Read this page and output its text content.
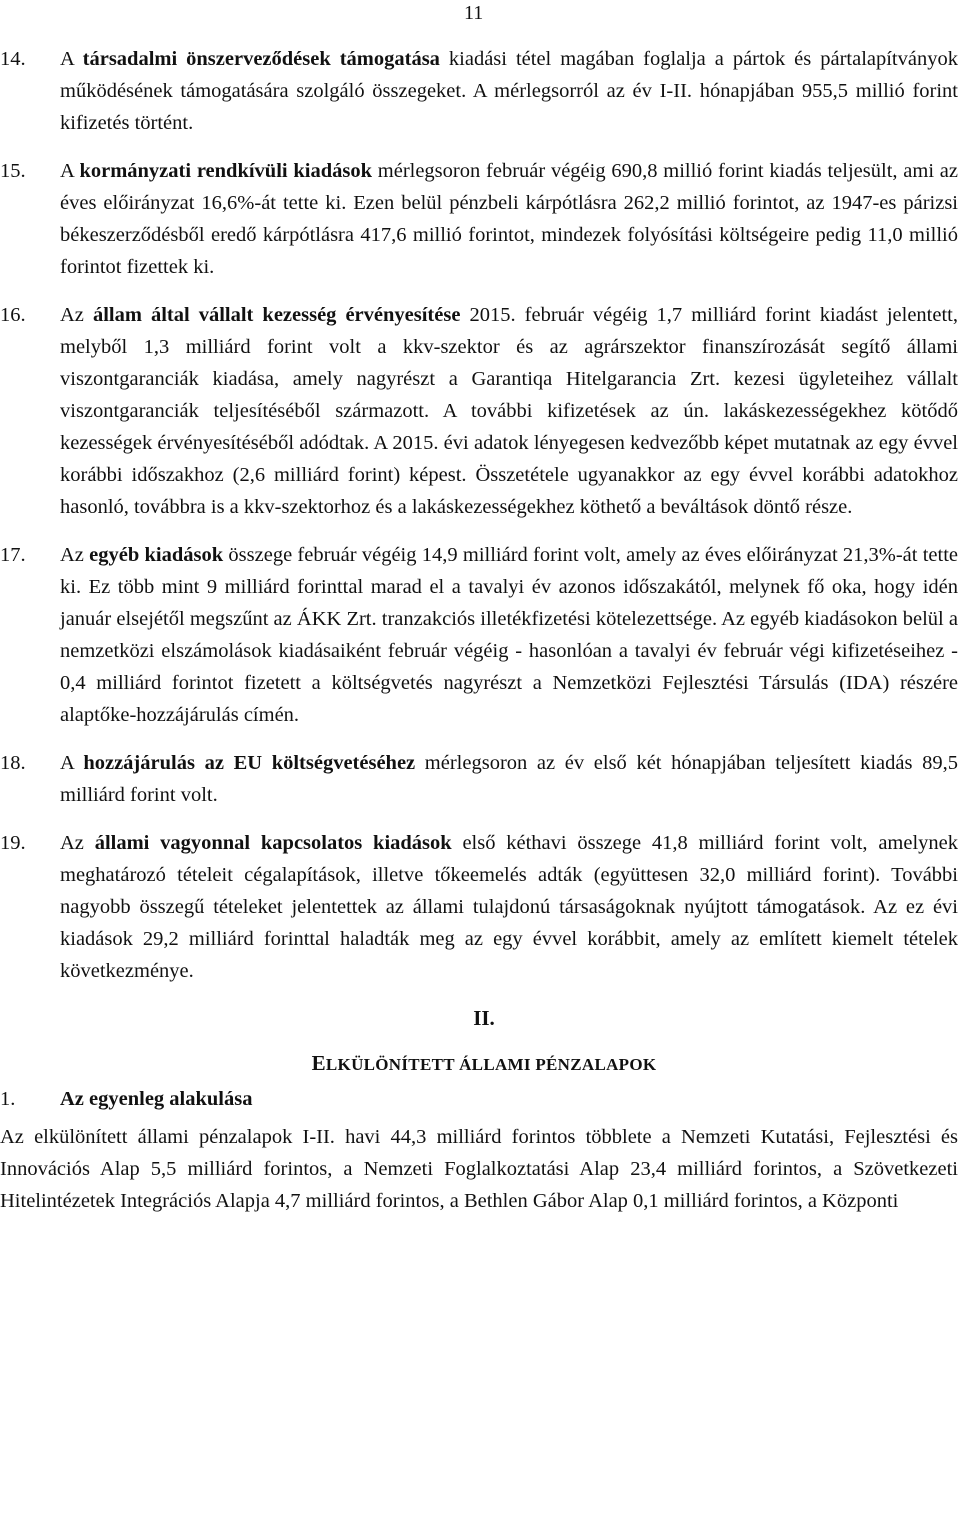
11
14.	A társadalmi önszerveződések támogatása kiadási tétel magában foglalja a pártok és pártalapítványok működésének támogatására szolgáló összegeket. A mérlegsorról az év I-II. hónapjában 955,5 millió forint kifizetés történt.
15.	A kormányzati rendkívüli kiadások mérlegsoron február végéig 690,8 millió forint kiadás teljesült, ami az éves előirányzat 16,6%-át tette ki. Ezen belül pénzbeli kárpótlásra 262,2 millió forintot, az 1947-es párizsi békeszerződésből eredő kárpótlásra 417,6 millió forintot, mindezek folyósítási költségeire pedig 11,0 millió forintot fizettek ki.
16.	Az állam által vállalt kezesség érvényesítése 2015. február végéig 1,7 milliárd forint kiadást jelentett, melyből 1,3 milliárd forint volt a kkv-szektor és az agrárszektor finanszírozását segítő állami viszontgaranciák kiadása, amely nagyrészt a Garantiqa Hitelgarancia Zrt. kezesi ügyleteihez vállalt viszontgaranciák teljesítéséből származott. A további kifizetések az ún. lakáskezességekhez kötődő kezességek érvényesítéséből adódtak. A 2015. évi adatok lényegesen kedvezőbb képet mutatnak az egy évvel korábbi időszakhoz (2,6 milliárd forint) képest. Összetétele ugyanakkor az egy évvel korábbi adatokhoz hasonló, továbbra is a kkv-szektorhoz és a lakáskezességekhez köthető a beváltások döntő része.
17.	Az egyéb kiadások összege február végéig 14,9 milliárd forint volt, amely az éves előirányzat 21,3%-át tette ki. Ez több mint 9 milliárd forinttal marad el a tavalyi év azonos időszakától, melynek fő oka, hogy idén január elsejétől megszűnt az ÁKK Zrt. tranzakciós illetékfizetési kötelezettsége. Az egyéb kiadásokon belül a nemzetközi elszámolások kiadásaiként február végéig - hasonlóan a tavalyi év február végi kifizetéseihez - 0,4 milliárd forintot fizetett a költségvetés nagyrészt a Nemzetközi Fejlesztési Társulás (IDA) részére alaptőke-hozzájárulás címén.
18.	A hozzájárulás az EU költségvetéséhez mérlegsoron az év első két hónapjában teljesített kiadás 89,5 milliárd forint volt.
19.	Az állami vagyonnal kapcsolatos kiadások első kéthavi összege 41,8 milliárd forint volt, amelynek meghatározó tételeit cégalapítások, illetve tőkeemelés adták (együttesen 32,0 milliárd forint). További nagyobb összegű tételeket jelentettek az állami tulajdonú társaságoknak nyújtott támogatások. Az ez évi kiadások 29,2 milliárd forinttal haladták meg az egy évvel korábbit, amely az említett kiemelt tételek következménye.
II.
ELKÜLÖNÍTETT ÁLLAMI PÉNZALAPOK
1.	Az egyenleg alakulása
Az elkülönített állami pénzalapok I-II. havi 44,3 milliárd forintos többlete a Nemzeti Kutatási, Fejlesztési és Innovációs Alap 5,5 milliárd forintos, a Nemzeti Foglalkoztatási Alap 23,4 milliárd forintos, a Szövetkezeti Hitelintézetek Integrációs Alapja 4,7 milliárd forintos, a Bethlen Gábor Alap 0,1 milliárd forintos, a Központi
